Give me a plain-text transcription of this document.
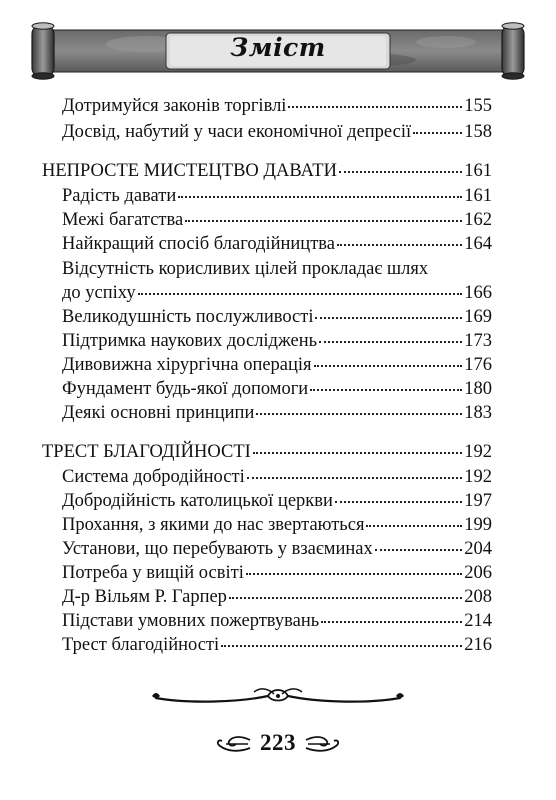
Зміст
Дотримуйся законів торгівлі	155
Досвід, набутий у часи економічної депресії	158
НЕПРОСТЕ МИСТЕЦТВО ДАВАТИ	161
Радість давати	161
Межі багатства	162
Найкращий спосіб благодійництва	164
Відсутність корисливих цілей прокладає шлях
до успіху	166
Великодушність послужливості	169
Підтримка наукових досліджень	173
Дивовижна хірургічна операція	176
Фундамент будь-якої допомоги	180
Деякі основні принципи	183
ТРЕСТ БЛАГОДІЙНОСТІ	192
Система добродійності	192
Добродійність католицької церкви	197
Прохання, з якими до нас звертаються	199
Установи, що перебувають у взаєминах	204
Потреба у вищій освіті	206
Д-р Вільям Р. Гарпер	208
Підстави умовних пожертвувань	214
Трест благодійності	216
223
